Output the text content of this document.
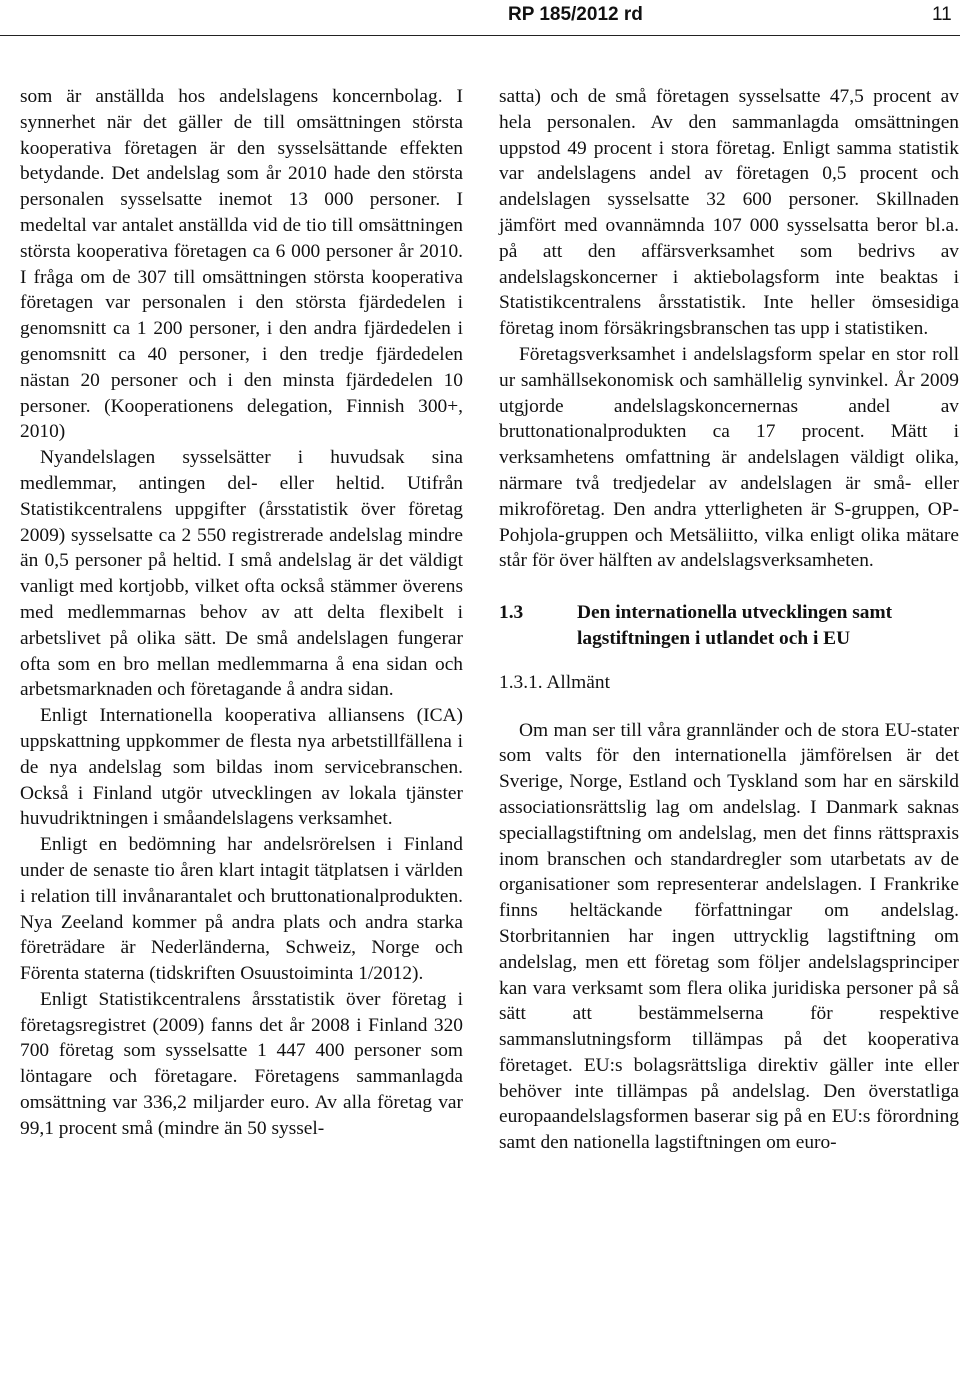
RP 185/2012 rd	11

som är anställda hos andelslagens koncernbolag. I synnerhet när det gäller de till omsättningen största kooperativa företagen är den sysselsättande effekten betydande. Det andelslag som år 2010 hade den största personalen sysselsatte inemot 13 000 personer. I medeltal var antalet anställda vid de tio till omsättningen största kooperativa företagen ca 6 000 personer år 2010. I fråga om de 307 till omsättningen största kooperativa företagen var personalen i den största fjärdedelen i genomsnitt ca 1 200 personer, i den andra fjärdedelen i genomsnitt ca 40 personer, i den tredje fjärdedelen nästan 20 personer och i den minsta fjärdedelen 10 personer. (Kooperationens delegation, Finnish 300+, 2010)

Nyandelslagen sysselsätter i huvudsak sina medlemmar, antingen del- eller heltid. Utifrån Statistikcentralens uppgifter (årsstatistik över företag 2009) sysselsatte ca 2 550 registrerade andelslag mindre än 0,5 personer på heltid. I små andelslag är det väldigt vanligt med kortjobb, vilket ofta också stämmer överens med medlemmarnas behov av att delta flexibelt i arbetslivet på olika sätt. De små andelslagen fungerar ofta som en bro mellan medlemmarna å ena sidan och arbetsmarknaden och företagande å andra sidan.

Enligt Internationella kooperativa alliansens (ICA) uppskattning uppkommer de flesta nya arbetstillfällena i de nya andelslag som bildas inom servicebranschen. Också i Finland utgör utvecklingen av lokala tjänster huvudriktningen i småandelslagens verksamhet.

Enligt en bedömning har andelsrörelsen i Finland under de senaste tio åren klart intagit tätplatsen i världen i relation till invånarantalet och bruttonationalprodukten. Nya Zeeland kommer på andra plats och andra starka företrädare är Nederländerna, Schweiz, Norge och Förenta staterna (tidskriften Osuustoiminta 1/2012).

Enligt Statistikcentralens årsstatistik över företag i företagsregistret (2009) fanns det år 2008 i Finland 320 700 företag som sysselsatte 1 447 400 personer som löntagare och företagare. Företagens sammanlagda omsättning var 336,2 miljarder euro. Av alla företag var 99,1 procent små (mindre än 50 syssel-

satta) och de små företagen sysselsatte 47,5 procent av hela personalen. Av den sammanlagda omsättningen uppstod 49 procent i stora företag. Enligt samma statistik var andelslagens andel av företagen 0,5 procent och andelslagen sysselsatte 32 600 personer. Skillnaden jämfört med ovannämnda 107 000 sysselsatta beror bl.a. på att den affärsverksamhet som bedrivs av andelslagskoncerner i aktiebolagsform inte beaktas i Statistikcentralens årsstatistik. Inte heller ömsesidiga företag inom försäkringsbranschen tas upp i statistiken.

Företagsverksamhet i andelslagsform spelar en stor roll ur samhällsekonomisk och samhällelig synvinkel. År 2009 utgjorde andelslagskoncernernas andel av bruttonationalprodukten ca 17 procent. Mätt i verksamhetens omfattning är andelslagen väldigt olika, närmare två tredjedelar av andelslagen är små- eller mikroföretag. Den andra ytterligheten är S-gruppen, OP-Pohjola-gruppen och Metsäliitto, vilka enligt olika mätare står för över hälften av andelslagsverksamheten.

1.3	Den internationella utvecklingen samt lagstiftningen i utlandet och i EU

1.3.1. Allmänt

Om man ser till våra grannländer och de stora EU-stater som valts för den internationella jämförelsen är det Sverige, Norge, Estland och Tyskland som har en särskild associationsrättslig lag om andelslag. I Danmark saknas speciallagstiftning om andelslag, men det finns rättspraxis inom branschen och standardregler som utarbetats av de organisationer som representerar andelslagen. I Frankrike finns heltäckande författningar om andelslag. Storbritannien har ingen uttrycklig lagstiftning om andelslag, men ett företag som följer andelslagsprinciper kan vara verksamt som flera olika juridiska personer på så sätt att bestämmelserna för respektive sammanslutningsform tillämpas på det kooperativa företaget. EU:s bolagsrättsliga direktiv gäller inte eller behöver inte tillämpas på andelslag. Den överstatliga europaandelslagsformen baserar sig på en EU:s förordning samt den nationella lagstiftningen om euro-
